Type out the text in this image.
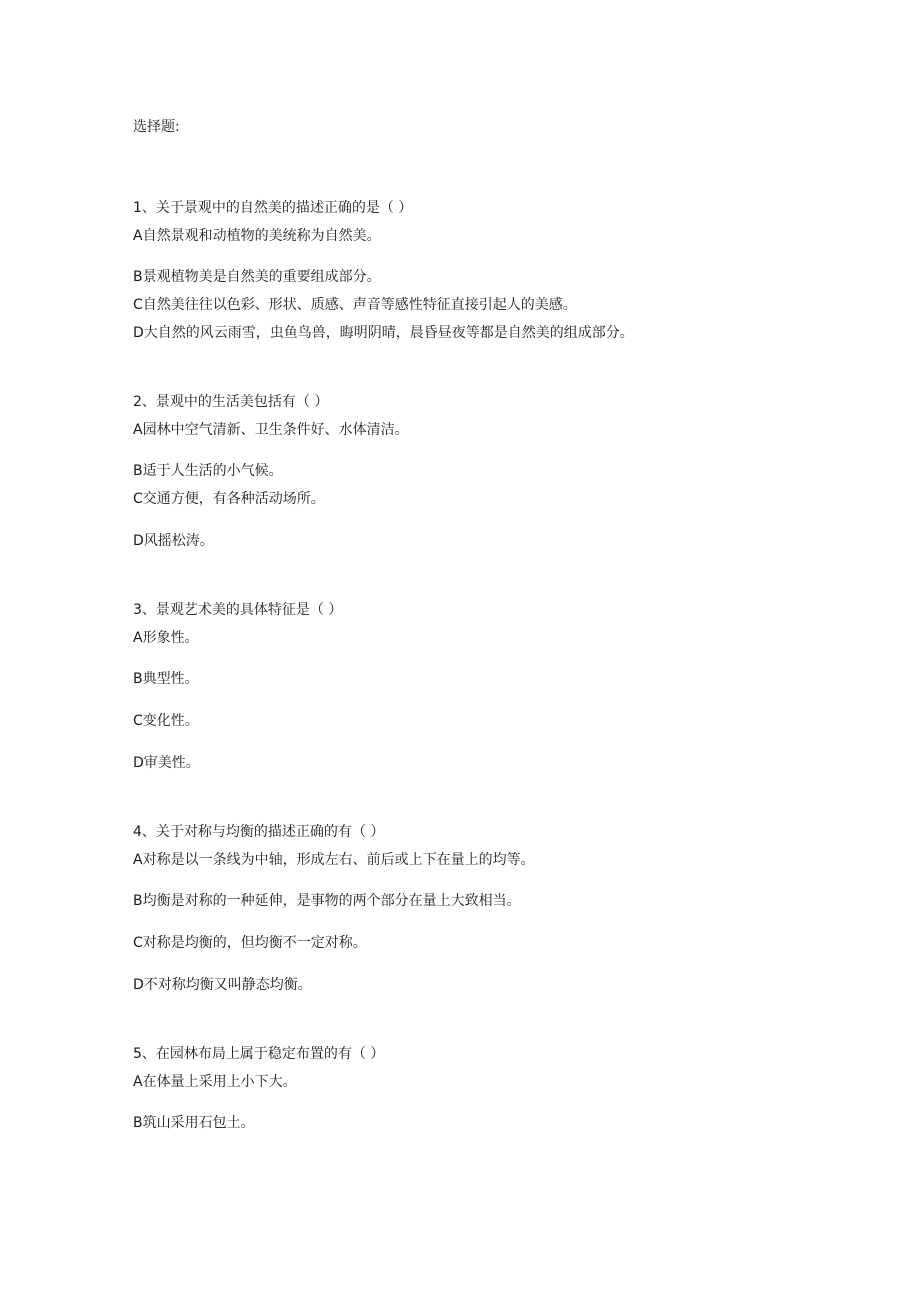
选择题:
1、关于景观中的自然美的描述正确的是（ ）
A自然景观和动植物的美统称为自然美。
B景观植物美是自然美的重要组成部分。
C自然美往往以色彩、形状、质感、声音等感性特征直接引起人的美感。
D大自然的风云雨雪，虫鱼鸟兽，晦明阴晴，晨昏昼夜等都是自然美的组成部分。
2、景观中的生活美包括有（ ）
A园林中空气清新、卫生条件好、水体清洁。
B适于人生活的小气候。
C交通方便，有各种活动场所。
D风摇松涛。
3、景观艺术美的具体特征是（ ）
A形象性。
B典型性。
C变化性。
D审美性。
4、关于对称与均衡的描述正确的有（ ）
A对称是以一条线为中轴，形成左右、前后或上下在量上的均等。
B均衡是对称的一种延伸，是事物的两个部分在量上大致相当。
C对称是均衡的，但均衡不一定对称。
D不对称均衡又叫静态均衡。
5、在园林布局上属于稳定布置的有（ ）
A在体量上采用上小下大。
B筑山采用石包土。
